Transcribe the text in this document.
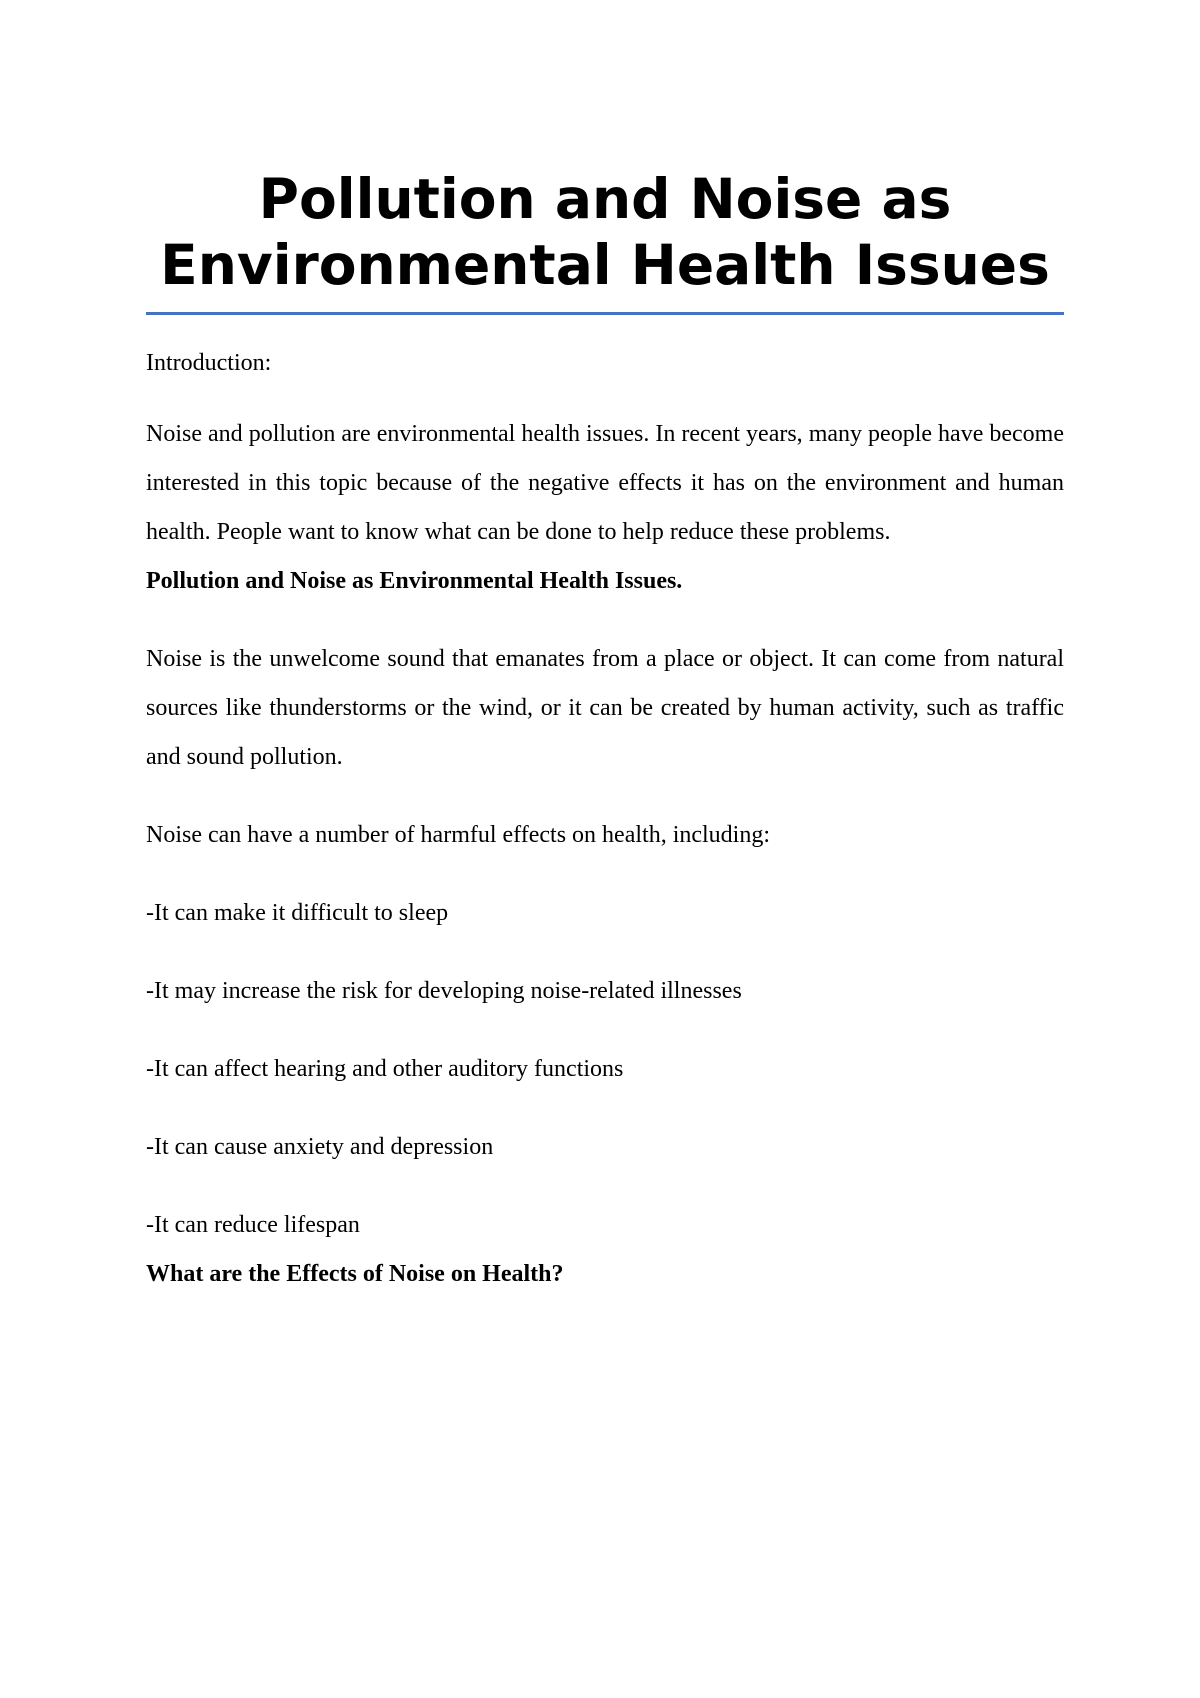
Pollution and Noise as Environmental Health Issues

Introduction:

Noise and pollution are environmental health issues. In recent years, many people have become interested in this topic because of the negative effects it has on the environment and human health. People want to know what can be done to help reduce these problems.

Pollution and Noise as Environmental Health Issues.

Noise is the unwelcome sound that emanates from a place or object. It can come from natural sources like thunderstorms or the wind, or it can be created by human activity, such as traffic and sound pollution.

Noise can have a number of harmful effects on health, including:

-It can make it difficult to sleep
-It may increase the risk for developing noise-related illnesses
-It can affect hearing and other auditory functions
-It can cause anxiety and depression
-It can reduce lifespan

What are the Effects of Noise on Health?
